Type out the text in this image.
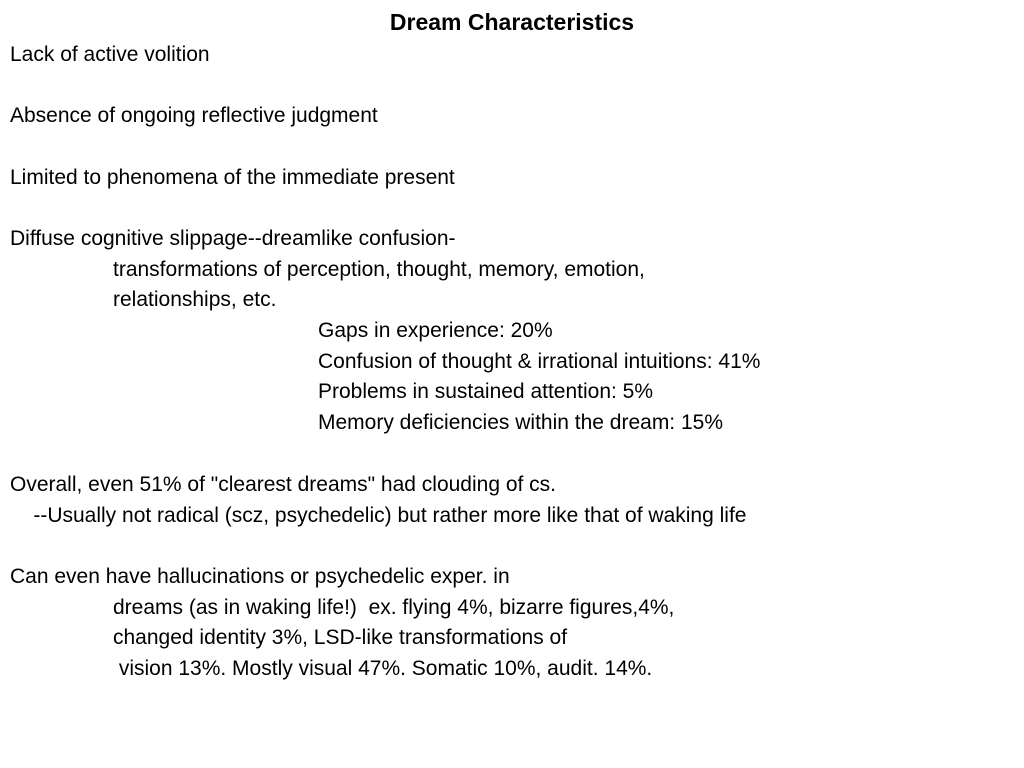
Dream Characteristics
Lack of active volition
Absence of ongoing reflective judgment
Limited to phenomena of the immediate present
Diffuse cognitive slippage--dreamlike confusion-
transformations of perception, thought, memory, emotion,
relationships, etc.
Gaps in experience: 20%
Confusion of thought & irrational intuitions: 41%
Problems in sustained attention: 5%
Memory deficiencies within the dream: 15%
Overall, even 51% of "clearest dreams" had clouding of cs.
--Usually not radical (scz, psychedelic) but rather more like that of waking life
Can even have hallucinations or psychedelic exper. in
dreams (as in waking life!)  ex. flying 4%, bizarre figures,4%,
changed identity 3%, LSD-like transformations of
vision 13%. Mostly visual 47%. Somatic 10%, audit. 14%.
